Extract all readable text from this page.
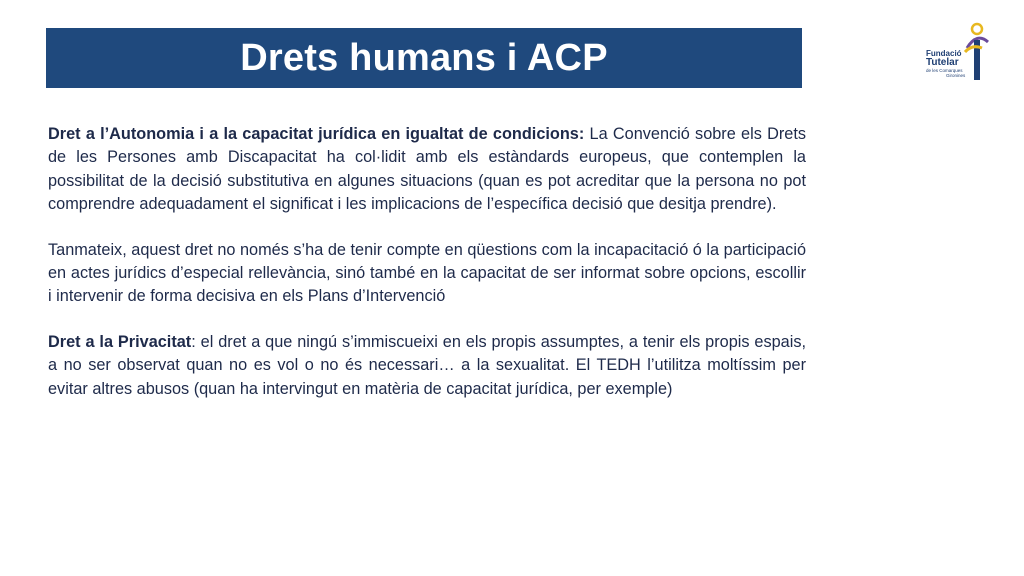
Drets humans i ACP	Fundació
Tutelar
de les Comarques
Gironines

Dret a l’Autonomia i a la capacitat jurídica en igualtat de condicions: La Convenció sobre els Drets de les Persones amb Discapacitat ha col·lidit amb els estàndards europeus, que contemplen la possibilitat de la decisió substitutiva en algunes situacions (quan es pot acreditar que la persona no pot comprendre adequadament el significat i les implicacions de l’específica decisió que desitja prendre).

Tanmateix, aquest dret no només s’ha de tenir compte en qüestions com la incapacitació ó la participació en actes jurídics d’especial rellevància, sinó també en la capacitat de ser informat sobre opcions, escollir i intervenir de forma decisiva en els Plans d’Intervenció

Dret a la Privacitat: el dret a que ningú s’immiscueixi en els propis assumptes, a tenir els propis espais, a no ser observat quan no es vol o no és necessari… a la sexualitat. El TEDH l’utilitza moltíssim per evitar altres abusos (quan ha intervingut en matèria de capacitat jurídica, per exemple)
